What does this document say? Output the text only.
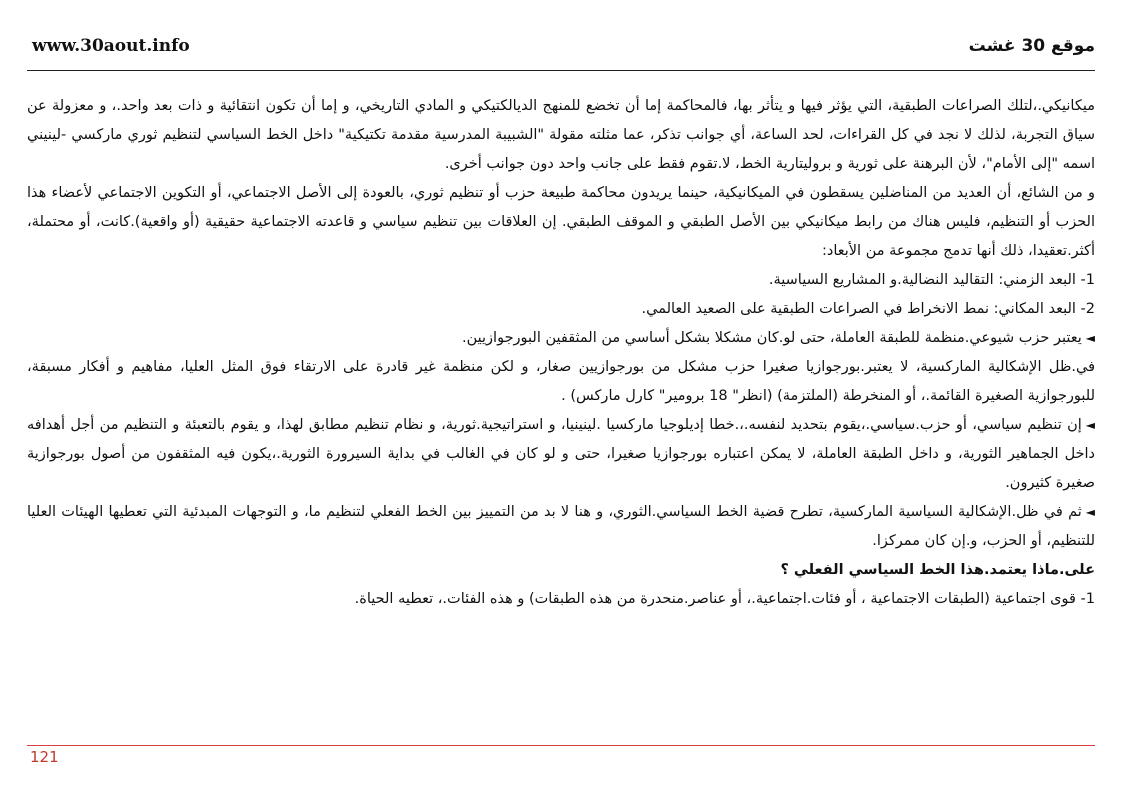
www.30aout.info	موقع 30 غشت

ميكانيكي.،لتلك الصراعات الطبقية، التي يؤثر فيها و يتأثر بها، فالمحاكمة إما أن تخضع للمنهج الديالكتيكي و المادي التاريخي، و إما أن تكون انتقائية و ذات بعد واحد.، و معزولة عن سياق التجربة، لذلك لا نجد في كل القراءات، لحد الساعة، أي جوانب تذكر، عما مثلته مقولة "الشبيبة المدرسية مقدمة تكتيكية" داخل الخط السياسي لتنظيم ثوري ماركسي -لينيني اسمه "إلى الأمام"، لأن البرهنة على ثورية و بروليتارية الخط، لا.تقوم فقط على جانب واحد دون جوانب أخرى.

و من الشائع، أن العديد من المناضلين يسقطون في الميكانيكية، حينما يريدون محاكمة طبيعة حزب أو تنظيم ثوري، بالعودة إلى الأصل الاجتماعي، أو التكوين الاجتماعي لأعضاء هذا الحزب أو التنظيم، فليس هناك من رابط ميكانيكي بين الأصل الطبقي و الموقف الطبقي. إن العلاقات بين تنظيم سياسي و قاعدته الاجتماعية حقيقية (أو واقعية).كانت، أو محتملة، أكثر.تعقيدا، ذلك أنها تدمج مجموعة من الأبعاد:

1- البعد الزمني: التقاليد النضالية.و المشاريع السياسية.

2- البعد المكاني: نمط الانخراط في الصراعات الطبقية على الصعيد العالمي.

◄ يعتبر حزب شيوعي.منظمة للطبقة العاملة، حتى لو.كان مشكلا بشكل أساسي من المثقفين البورجوازيين.

في.ظل الإشكالية الماركسية، لا يعتبر.بورجوازيا صغيرا حزب مشكل من بورجوازيين صغار، و لكن منظمة غير قادرة على الارتقاء فوق المثل العليا، مفاهيم و أفكار مسبقة، للبورجوازية الصغيرة القائمة.، أو المنخرطة (الملتزمة) (انظر" 18 برومير" كارل ماركس) .

◄ إن تنظيم سياسي، أو حزب.سياسي.،يقوم بتحديد لنفسه.،.خطا إديلوجيا ماركسيا .لينينيا، و استراتيجية.ثورية، و نظام تنظيم مطابق لهذا، و يقوم بالتعبئة و التنظيم من أجل أهدافه داخل الجماهير الثورية، و داخل الطبقة العاملة، لا يمكن اعتباره بورجوازيا صغيرا، حتى و لو كان في الغالب في بداية السيرورة الثورية.،يكون فيه المثقفون من أصول بورجوازية صغيرة كثيرون.

◄ ثم في ظل.الإشكالية السياسية الماركسية، تطرح قضية الخط السياسي.الثوري، و هنا لا بد من التمييز بين الخط الفعلي لتنظيم ما، و التوجهات المبدئية التي تعطيها الهيئات العليا للتنظيم، أو الحزب، و.إن كان ممركزا.

على.ماذا يعتمد.هذا الخط السياسي الفعلي ؟

1- قوى اجتماعية (الطبقات الاجتماعية ، أو فئات.اجتماعية.، أو عناصر.منحدرة من هذه الطبقات) و هذه الفئات.، تعطيه الحياة.

121
